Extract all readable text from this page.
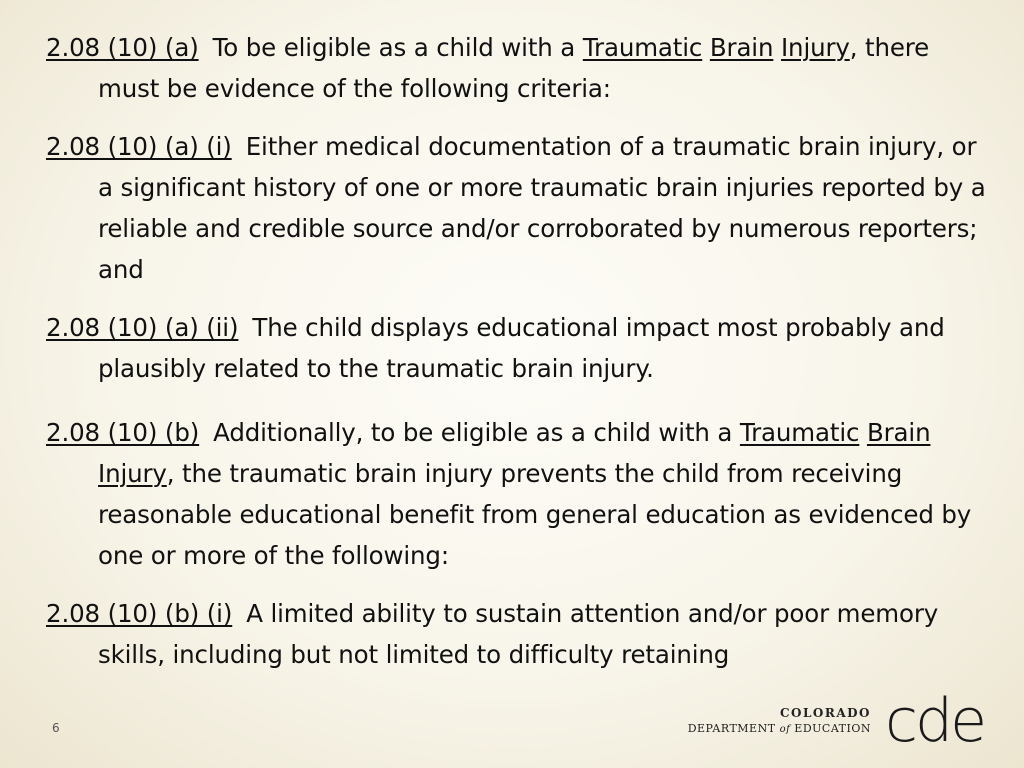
2.08 (10) (a) To be eligible as a child with a Traumatic Brain Injury, there must be evidence of the following criteria:

2.08 (10) (a) (i) Either medical documentation of a traumatic brain injury, or a significant history of one or more traumatic brain injuries reported by a reliable and credible source and/or corroborated by numerous reporters; and

2.08 (10) (a) (ii) The child displays educational impact most probably and plausibly related to the traumatic brain injury.

2.08 (10) (b) Additionally, to be eligible as a child with a Traumatic Brain Injury, the traumatic brain injury prevents the child from receiving reasonable educational benefit from general education as evidenced by one or more of the following:

2.08 (10) (b) (i) A limited ability to sustain attention and/or poor memory skills, including but not limited to difficulty retaining

6
COLORADO
DEPARTMENT of EDUCATION cde
